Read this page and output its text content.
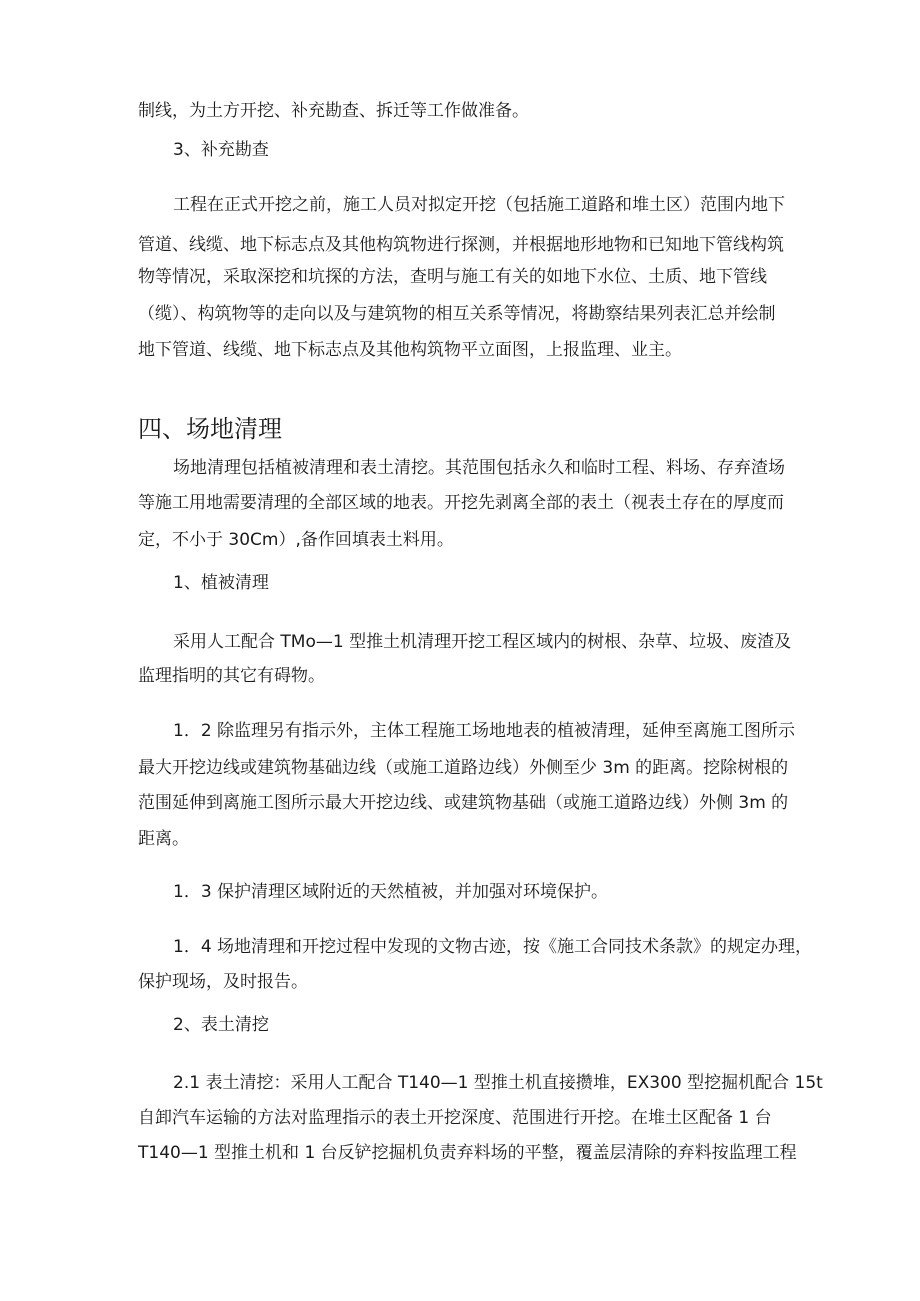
制线，为土方开挖、补充勘查、拆迁等工作做准备。

3、补充勘查

工程在正式开挖之前，施工人员对拟定开挖（包括施工道路和堆土区）范围内地下

管道、线缆、地下标志点及其他构筑物进行探测，并根据地形地物和已知地下管线构筑

物等情况，采取深挖和坑探的方法，查明与施工有关的如地下水位、土质、地下管线

（缆）、构筑物等的走向以及与建筑物的相互关系等情况，将勘察结果列表汇总并绘制

地下管道、线缆、地下标志点及其他构筑物平立面图，上报监理、业主。

四、场地清理

场地清理包括植被清理和表土清挖。其范围包括永久和临时工程、料场、存弃渣场

等施工用地需要清理的全部区域的地表。开挖先剥离全部的表土（视表土存在的厚度而

定，不小于 30Cm）,备作回填表土料用。

1、植被清理

采用人工配合 TMo—1 型推土机清理开挖工程区域内的树根、杂草、垃圾、废渣及

监理指明的其它有碍物。

1．2 除监理另有指示外，主体工程施工场地地表的植被清理，延伸至离施工图所示

最大开挖边线或建筑物基础边线（或施工道路边线）外侧至少 3m 的距离。挖除树根的

范围延伸到离施工图所示最大开挖边线、或建筑物基础（或施工道路边线）外侧 3m 的

距离。

1．3 保护清理区域附近的天然植被，并加强对环境保护。

1．4 场地清理和开挖过程中发现的文物古迹，按《施工合同技术条款》的规定办理，

保护现场，及时报告。

2、表土清挖

2.1 表土清挖：采用人工配合 T140—1 型推土机直接攒堆，EX300 型挖掘机配合 15t

自卸汽车运输的方法对监理指示的表土开挖深度、范围进行开挖。在堆土区配备 1 台

T140—1 型推土机和 1 台反铲挖掘机负责弃料场的平整，覆盖层清除的弃料按监理工程
